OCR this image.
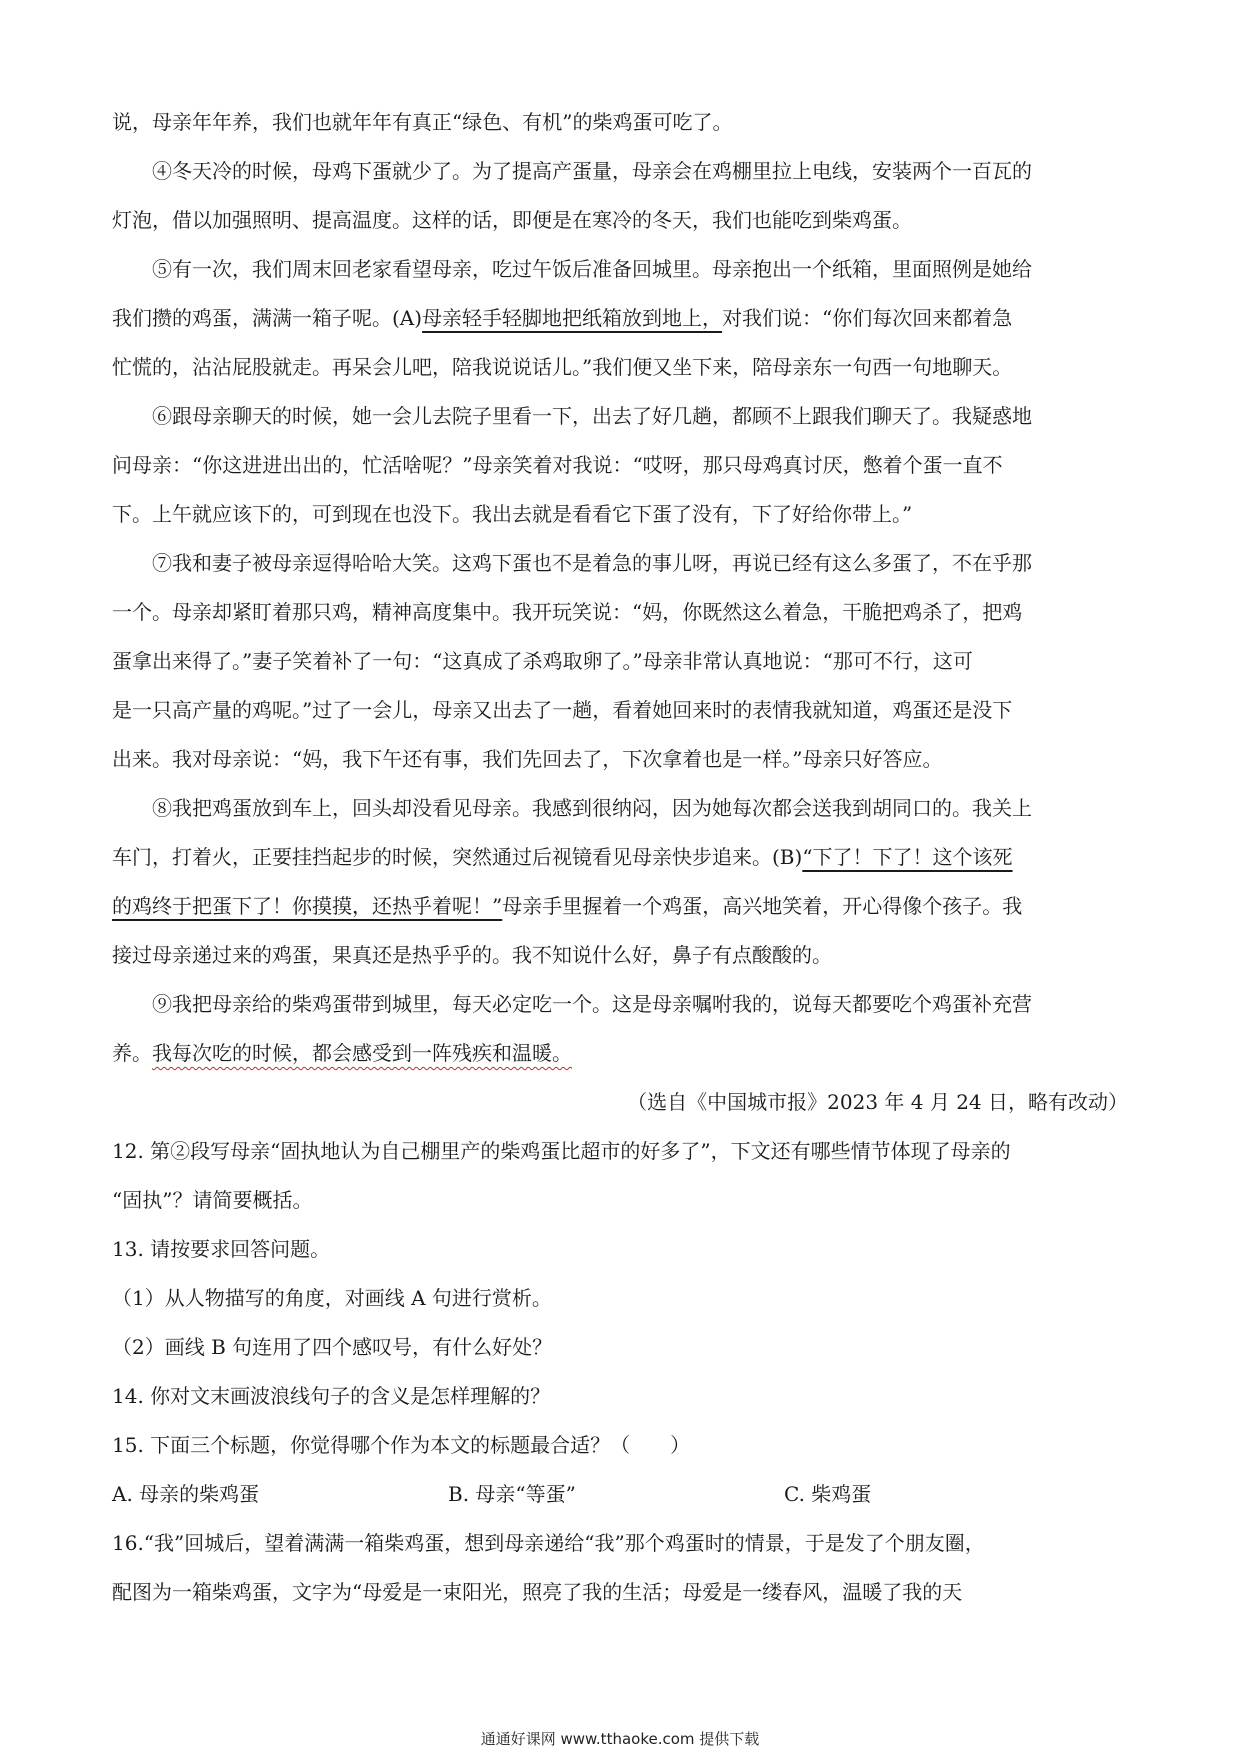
说，母亲年年养，我们也就年年有真正“绿色、有机”的柴鸡蛋可吃了。
④冬天冷的时候，母鸡下蛋就少了。为了提高产蛋量，母亲会在鸡棚里拉上电线，安装两个一百瓦的
灯泡，借以加强照明、提高温度。这样的话，即便是在寒冷的冬天，我们也能吃到柴鸡蛋。
⑤有一次，我们周末回老家看望母亲，吃过午饭后准备回城里。母亲抱出一个纸箱，里面照例是她给
我们攒的鸡蛋，满满一箱子呢。(A)母亲轻手轻脚地把纸箱放到地上，对我们说：“你们每次回来都着急
忙慌的，沾沾屁股就走。再呆会儿吧，陪我说说话儿。”我们便又坐下来，陪母亲东一句西一句地聊天。
⑥跟母亲聊天的时候，她一会儿去院子里看一下，出去了好几趟，都顾不上跟我们聊天了。我疑惑地
问母亲：“你这进进出出的，忙活啥呢？”母亲笑着对我说：“哎呀，那只母鸡真讨厌，憋着个蛋一直不
下。上午就应该下的，可到现在也没下。我出去就是看看它下蛋了没有，下了好给你带上。”
⑦我和妻子被母亲逗得哈哈大笑。这鸡下蛋也不是着急的事儿呀，再说已经有这么多蛋了，不在乎那
一个。母亲却紧盯着那只鸡，精神高度集中。我开玩笑说：“妈，你既然这么着急，干脆把鸡杀了，把鸡
蛋拿出来得了。”妻子笑着补了一句：“这真成了杀鸡取卵了。”母亲非常认真地说：“那可不行，这可
是一只高产量的鸡呢。”过了一会儿，母亲又出去了一趟，看着她回来时的表情我就知道，鸡蛋还是没下
出来。我对母亲说：“妈，我下午还有事，我们先回去了，下次拿着也是一样。”母亲只好答应。
⑧我把鸡蛋放到车上，回头却没看见母亲。我感到很纳闷，因为她每次都会送我到胡同口的。我关上
车门，打着火，正要挂挡起步的时候，突然通过后视镜看见母亲快步追来。(B)“下了！下了！这个该死
的鸡终于把蛋下了！你摸摸，还热乎着呢！”母亲手里握着一个鸡蛋，高兴地笑着，开心得像个孩子。我
接过母亲递过来的鸡蛋，果真还是热乎乎的。我不知说什么好，鼻子有点酸酸的。
⑨我把母亲给的柴鸡蛋带到城里，每天必定吃一个。这是母亲嘱咐我的，说每天都要吃个鸡蛋补充营
养。我每次吃的时候，都会感受到一阵残疾和温暖。
（选自《中国城市报》2023 年 4 月 24 日，略有改动）
12. 第②段写母亲“固执地认为自己棚里产的柴鸡蛋比超市的好多了”，下文还有哪些情节体现了母亲的
“固执”？请简要概括。
13. 请按要求回答问题。
（1）从人物描写的角度，对画线 A 句进行赏析。
（2）画线 B 句连用了四个感叹号，有什么好处？
14. 你对文末画波浪线句子的含义是怎样理解的？
15. 下面三个标题，你觉得哪个作为本文的标题最合适？（　　）
A. 母亲的柴鸡蛋	B. 母亲“等蛋”	C. 柴鸡蛋
16.“我”回城后，望着满满一箱柴鸡蛋，想到母亲递给“我”那个鸡蛋时的情景，于是发了个朋友圈，
配图为一箱柴鸡蛋，文字为“母爱是一束阳光，照亮了我的生活；母爱是一缕春风，温暖了我的天
通通好课网 www.tthaoke.com 提供下载
